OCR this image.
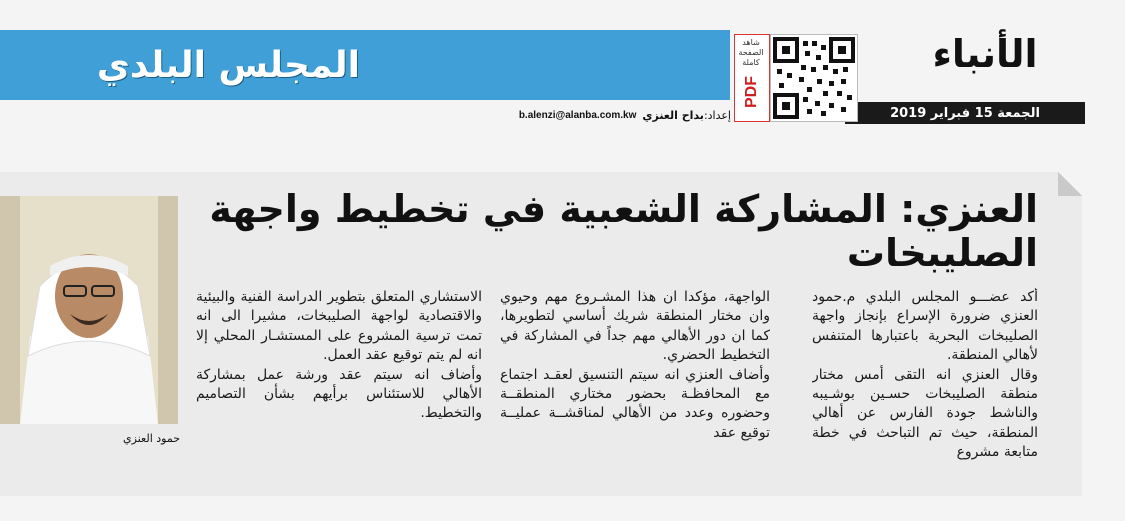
المجلس البلدي	الأنباء
الجمعة 15 فبراير 2019
PDF
شاهد
الصفحة
كاملة
إعداد:
بداح العنزي
b.alenzi@alanba.com.kw
العنزي: المشاركة الشعبية في تخطيط واجهة الصليبخات

أكد عضـــو المجلس البلدي م.حمود العنزي ضرورة الإسراع بإنجاز واجهة الصليبخات البحرية باعتبارها المتنفس لأهالي المنطقة.

وقال العنزي انه التقى أمس مختار منطقة الصليبخات حسـين بوشـيبه والناشط جودة الفارس عن أهالي المنطقة، حيث تم التباحث في خطة متابعة مشروع

الواجهة، مؤكدا ان هذا المشـروع مهم وحيوي وان مختار المنطقة شريك أساسي لتطويرها، كما ان دور الأهالي مهم جداً في المشاركة في التخطيط الحضري.

وأضاف العنزي انه سيتم التنسيق لعقـد اجتماع مع المحافظـة بحضور مختاري المنطقــة وحضوره وعدد من الأهالي لمناقشــة عمليــة توقيع عقد

الاستشاري المتعلق بتطوير الدراسة الفنية والبيئية والاقتصادية لواجهة الصليبخات، مشيرا الى انه تمت ترسية المشروع على المستشـار المحلي إلا انه لم يتم توقيع عقد العمل.

وأضاف انه سيتم عقد ورشة عمل بمشاركة الأهالي للاستئناس برأيهم بشأن التصاميم والتخطيط.

حمود العنزي
